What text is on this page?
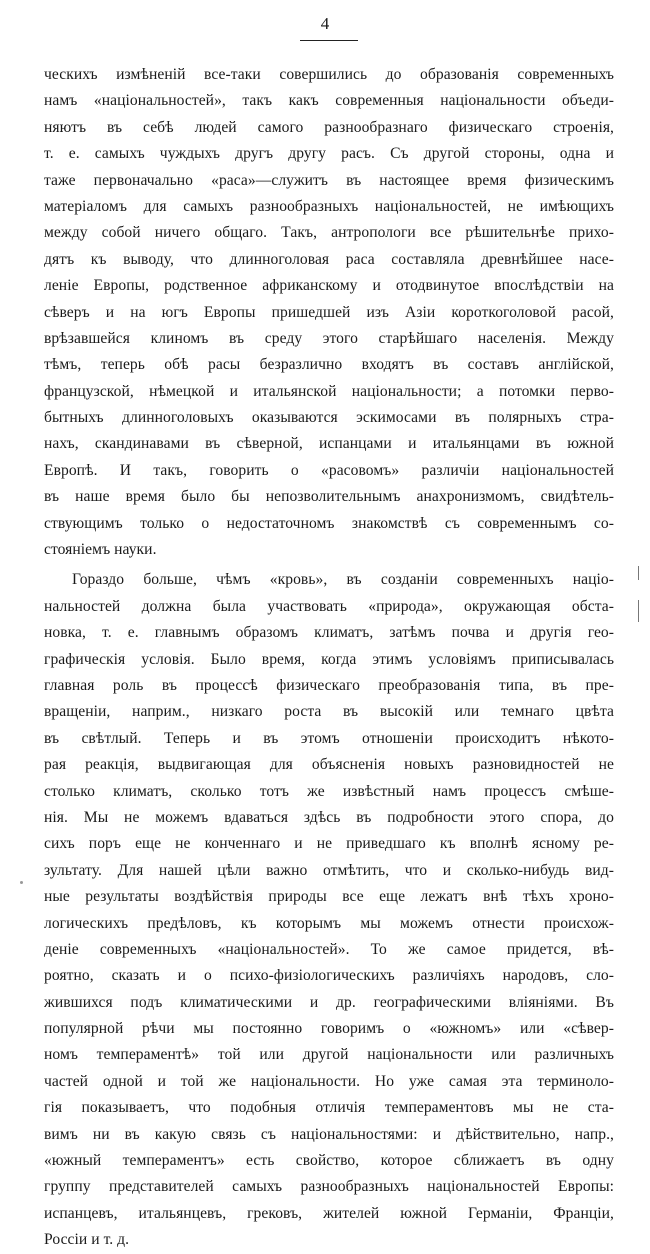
4
ческихъ измѣненій все-таки совершились до образованія современныхъ
намъ «національностей», такъ какъ современныя національности объеди-
няютъ въ себѣ людей самого разнообразнаго физическаго строенія,
т. е. самыхъ чуждыхъ другъ другу расъ. Съ другой стороны, одна и
таже первоначально «раса»—служитъ въ настоящее время физическимъ
матеріаломъ для самыхъ разнообразныхъ національностей, не имѣющихъ
между собой ничего общаго. Такъ, антропологи все рѣшительнѣе прихо-
дятъ къ выводу, что длинноголовая раса составляла древнѣйшее насе-
леніе Европы, родственное африканскому и отодвинутое впослѣдствіи на
сѣверъ и на югъ Европы пришедшей изъ Азіи короткоголовой расой,
врѣзавшейся клиномъ въ среду этого старѣйшаго населенія. Между
тѣмъ, теперь обѣ расы безразлично входятъ въ составъ англійской,
французской, нѣмецкой и итальянской національности; а потомки перво-
бытныхъ длинноголовыхъ оказываются эскимосами въ полярныхъ стра-
нахъ, скандинавами въ сѣверной, испанцами и итальянцами въ южной
Европѣ. И такъ, говорить о «расовомъ» различіи національностей
въ наше время было бы непозволительнымъ анахронизмомъ, свидѣтель-
ствующимъ только о недостаточномъ знакомствѣ съ современнымъ со-
стояніемъ науки.
Гораздо больше, чѣмъ «кровь», въ созданіи современныхъ націо-
нальностей должна была участвовать «природа», окружающая обста-
новка, т. е. главнымъ образомъ климатъ, затѣмъ почва и другія гео-
графическія условія. Было время, когда этимъ условіямъ приписывалась
главная роль въ процессѣ физическаго преобразованія типа, въ пре-
вращеніи, наприм., низкаго роста въ высокій или темнаго цвѣта
въ свѣтлый. Теперь и въ этомъ отношеніи происходитъ нѣкото-
рая реакція, выдвигающая для объясненія новыхъ разновидностей не
столько климатъ, сколько тотъ же извѣстный намъ процессъ смѣше-
нія. Мы не можемъ вдаваться здѣсь въ подробности этого спора, до
сихъ поръ еще не конченнаго и не приведшаго къ вполнѣ ясному ре-
зультату. Для нашей цѣли важно отмѣтить, что и сколько-нибудь вид-
ные результаты воздѣйствія природы все еще лежатъ внѣ тѣхъ хроно-
логическихъ предѣловъ, къ которымъ мы можемъ отнести происхож-
деніе современныхъ «національностей». То же самое придется, вѣ-
роятно, сказать и о психо-физіологическихъ различіяхъ народовъ, сло-
жившихся подъ климатическими и др. географическими вліяніями. Въ
популярной рѣчи мы постоянно говоримъ о «южномъ» или «сѣвер-
номъ темпераментѣ» той или другой національности или различныхъ
частей одной и той же національности. Но уже самая эта терминоло-
гія показываетъ, что подобныя отличія темпераментовъ мы не ста-
вимъ ни въ какую связь съ національностями: и дѣйствительно, напр.,
«южный темпераментъ» есть свойство, которое сближаетъ въ одну
группу представителей самыхъ разнообразныхъ національностей Европы:
испанцевъ, итальянцевъ, грековъ, жителей южной Германіи, Франціи,
Россіи и т. д.
